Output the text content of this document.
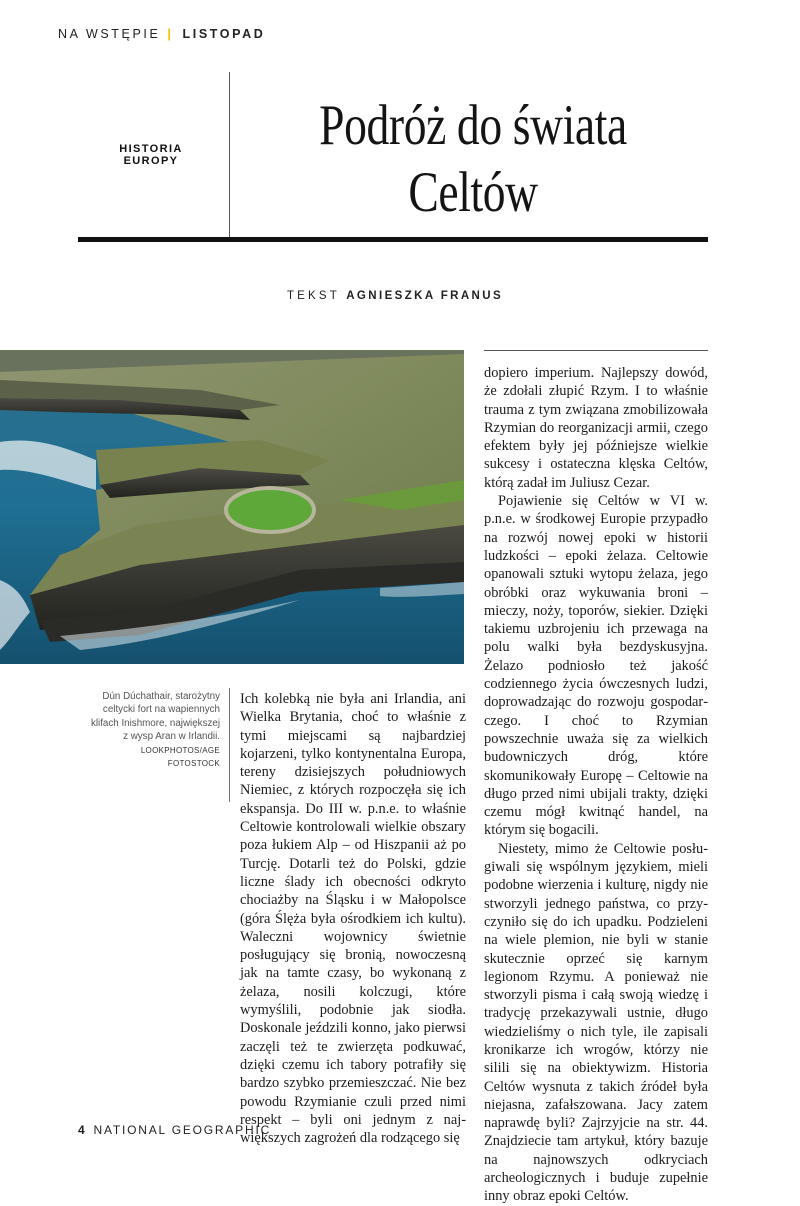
NA WSTĘPIE | LISTOPAD
HISTORIA
EUROPY
Podróż do świata
Celtów
TEKST AGNIESZKA FRANUS
Dún Dúchathair, starożytny celtycki fort na wapiennych klifach Inishmore, największej z wysp Aran w Irlandii.
LOOKPHOTOS/AGE FOTOSTOCK

Ich kolebką nie była ani Irlandia, ani Wielka Brytania, choć to właśnie z tymi miejscami są najbardziej kojarzeni, tylko kontynentalna Europa, tereny dzisiejszych południowych Niemiec, z których rozpoczęła się ich ekspansja. Do III w. p.n.e. to właśnie Celtowie kontrolowali wielkie obszary poza łukiem Alp – od Hiszpanii aż po Turcję. Dotarli też do Polski, gdzie liczne ślady ich obecności odkryto chociażby na Śląsku i w Małopolsce (góra Ślęża była ośrodkiem ich kultu). Waleczni wojownicy świetnie posługujący się bronią, nowoczesną jak na tamte czasy, bo wykonaną z żelaza, nosili kolczugi, które wymyślili, podobnie jak siodła. Doskonale jeździli konno, jako pierwsi zaczęli też te zwierzęta podkuwać, dzięki czemu ich tabory potrafiły się bardzo szybko przemieszczać. Nie bez powodu Rzymianie czuli przed nimi respekt – byli oni jednym z największych zagrożeń dla rodzącego się

dopiero imperium. Najlepszy dowód, że zdołali złupić Rzym. I to właśnie trauma z tym związana zmobilizowała Rzymian do reorganizacji armii, czego efektem były jej późniejsze wielkie sukcesy i ostateczna klęska Celtów, którą zadał im Juliusz Cezar.

Pojawienie się Celtów w VI w. p.n.e. w środkowej Europie przypadło na rozwój nowej epoki w historii ludzkości – epoki żelaza. Celtowie opanowali sztuki wytopu żelaza, jego obróbki oraz wykuwania broni – mieczy, noży, toporów, siekier. Dzięki takiemu uzbrojeniu ich przewaga na polu walki była bezdyskusyjna. Żelazo podniosło też jakość codziennego życia ówczesnych ludzi, doprowadzając do rozwoju gospodarczego. I choć to Rzymian powszechnie uważa się za wielkich budowniczych dróg, które skomunikowały Europę – Celtowie na długo przed nimi ubijali trakty, dzięki czemu mógł kwitnąć handel, na którym się bogacili.

Niestety, mimo że Celtowie posługiwali się wspólnym językiem, mieli podobne wierzenia i kulturę, nigdy nie stworzyli jednego państwa, co przyczyniło się do ich upadku. Podzieleni na wiele plemion, nie byli w stanie skutecznie oprzeć się karnym legionom Rzymu. A ponieważ nie stworzyli pisma i całą swoją wiedzę i tradycję przekazywali ustnie, długo wiedzieliśmy o nich tyle, ile zapisali kronikarze ich wrogów, którzy nie silili się na obiektywizm. Historia Celtów wysnuta z takich źródeł była niejasna, zafałszowana. Jacy zatem naprawdę byli? Zajrzyjcie na str. 44. Znajdziecie tam artykuł, który bazuje na najnowszych odkryciach archeologicznych i buduje zupełnie inny obraz epoki Celtów.

4 NATIONAL GEOGRAPHIC
